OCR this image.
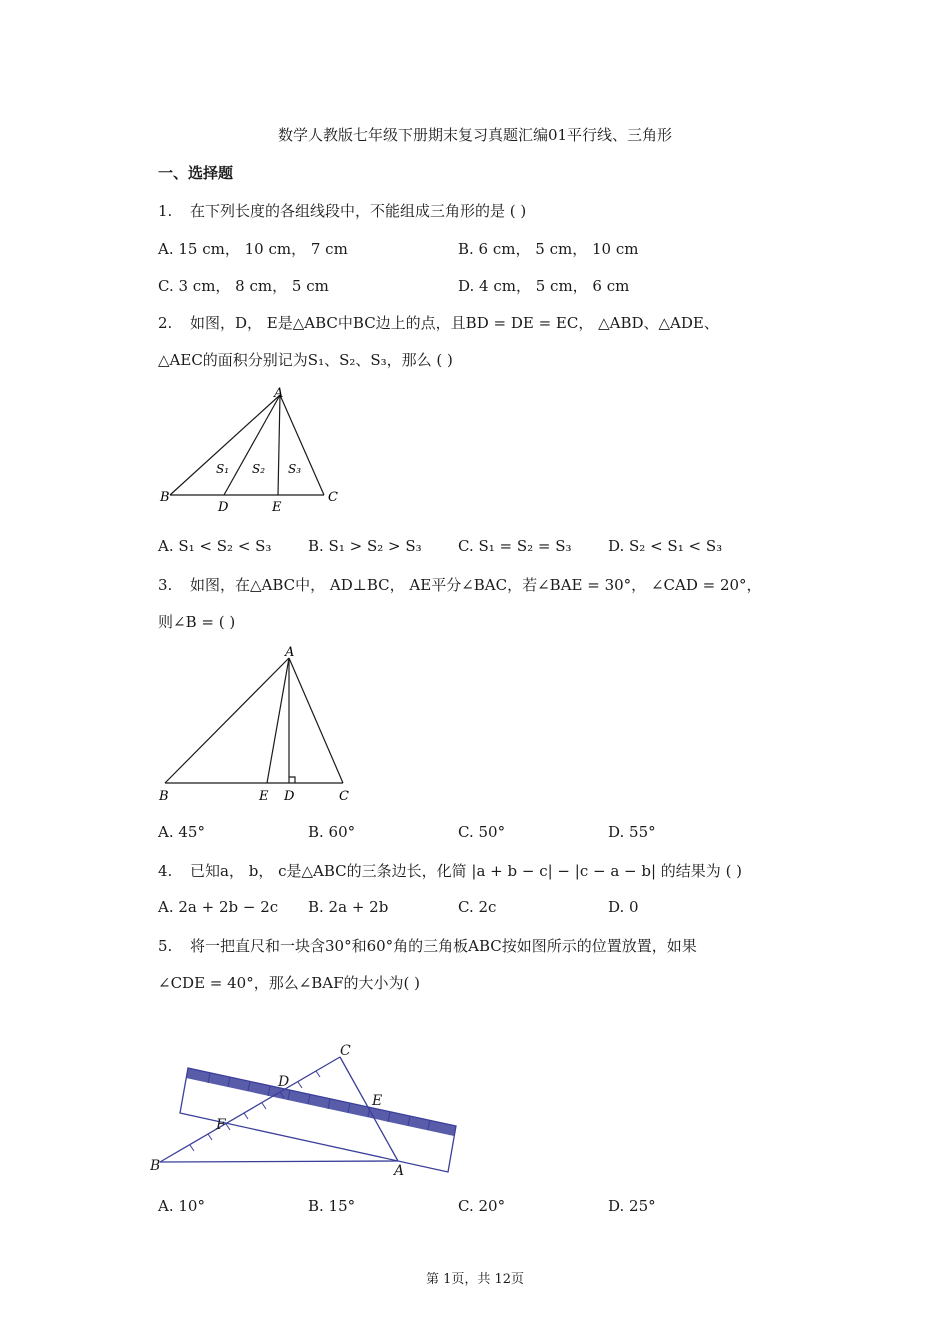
数学人教版七年级下册期末复习真题汇编01平行线、三角形
一、选择题
1. 在下列长度的各组线段中，不能组成三角形的是 ( )
A. 15 cm， 10 cm， 7 cm	B. 6 cm， 5 cm， 10 cm
C. 3 cm， 8 cm， 5 cm	D. 4 cm， 5 cm， 6 cm
2. 如图，D， E是△ABC中BC边上的点，且BD = DE = EC， △ABD、△ADE、
△AEC的面积分别记为S₁、S₂、S₃，那么 ( )
A
B	C
D	E
S₁ S₂ S₃
A. S₁ < S₂ < S₃ B. S₁ > S₂ > S₃ C. S₁ = S₂ = S₃ D. S₂ < S₁ < S₃
3. 如图，在△ABC中， AD⊥BC， AE平分∠BAC，若∠BAE = 30°， ∠CAD = 20°，
则∠B = ( )
A
B	C
E D
A. 45°	B. 60°	C. 50°	D. 55°
4. 已知a， b， c是△ABC的三条边长，化简 |a + b − c| − |c − a − b| 的结果为 ( )
A. 2a + 2b − 2c B. 2a + 2b	C. 2c	D. 0
5. 将一把直尺和一块含30°和60°角的三角板ABC按如图所示的位置放置，如果
∠CDE = 40°，那么∠BAF的大小为( )
B
C
A
D
E
F
A. 10°	B. 15°	C. 20°	D. 25°
第 1页，共 12页
